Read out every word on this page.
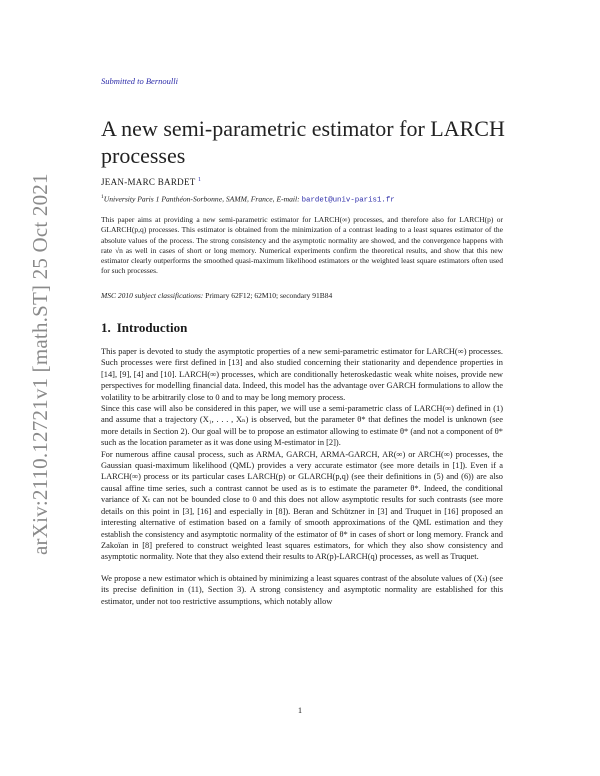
arXiv:2110.12721v1 [math.ST] 25 Oct 2021
Submitted to Bernoulli
A new semi-parametric estimator for LARCH processes
JEAN-MARC BARDET $^1$
$^1$University Paris 1 Panthéon-Sorbonne, SAMM, France, E-mail: bardet@univ-paris1.fr
This paper aims at providing a new semi-parametric estimator for LARCH(∞) processes, and therefore also for LARCH(p) or GLARCH(p,q) processes. This estimator is obtained from the minimization of a contrast leading to a least squares estimator of the absolute values of the process. The strong consistency and the asymptotic normality are showed, and the convergence happens with rate √n as well in cases of short or long memory. Numerical experiments confirm the theoretical results, and show that this new estimator clearly outperforms the smoothed quasi-maximum likelihood estimators or the weighted least square estimators often used for such processes.
MSC 2010 subject classifications: Primary 62F12; 62M10; secondary 91B84
1. Introduction

This paper is devoted to study the asymptotic properties of a new semi-parametric estimator for LARCH(∞) processes. Such processes were first defined in [13] and also studied concerning their stationarity and dependence properties in [14], [9], [4] and [10]. LARCH(∞) processes, which are conditionally heteroskedastic weak white noises, provide new perspectives for modelling financial data. Indeed, this model has the advantage over GARCH formulations to allow the volatility to be arbitrarily close to 0 and to may be long memory process.

Since this case will also be considered in this paper, we will use a semi-parametric class of LARCH(∞) defined in (1) and assume that a trajectory (X₁, . . . , Xₙ) is observed, but the parameter θ* that defines the model is unknown (see more details in Section 2). Our goal will be to propose an estimator allowing to estimate θ* (and not a component of θ* such as the location parameter as it was done using M-estimator in [2]).

For numerous affine causal process, such as ARMA, GARCH, ARMA-GARCH, AR(∞) or ARCH(∞) processes, the Gaussian quasi-maximum likelihood (QML) provides a very accurate estimator (see more details in [1]). Even if a LARCH(∞) process or its particular cases LARCH(p) or GLARCH(p,q) (see their definitions in (5) and (6)) are also causal affine time series, such a contrast cannot be used as is to estimate the parameter θ*. Indeed, the conditional variance of Xₜ can not be bounded close to 0 and this does not allow asymptotic results for such contrasts (see more details on this point in [3], [16] and especially in [8]). Beran and Schützner in [3] and Truquet in [16] proposed an interesting alternative of estimation based on a family of smooth approximations of the QML estimation and they establish the consistency and asymptotic normality of the estimator of θ* in cases of short or long memory. Franck and Zakoïan in [8] prefered to construct weighted least squares estimators, for which they also show consistency and asymptotic normality. Note that they also extend their results to AR(p)-LARCH(q) processes, as well as Truquet.

We propose a new estimator which is obtained by minimizing a least squares contrast of the absolute values of (Xₜ) (see its precise definition in (11), Section 3). A strong consistency and asymptotic normality are established for this estimator, under not too restrictive assumptions, which notably allow

1
